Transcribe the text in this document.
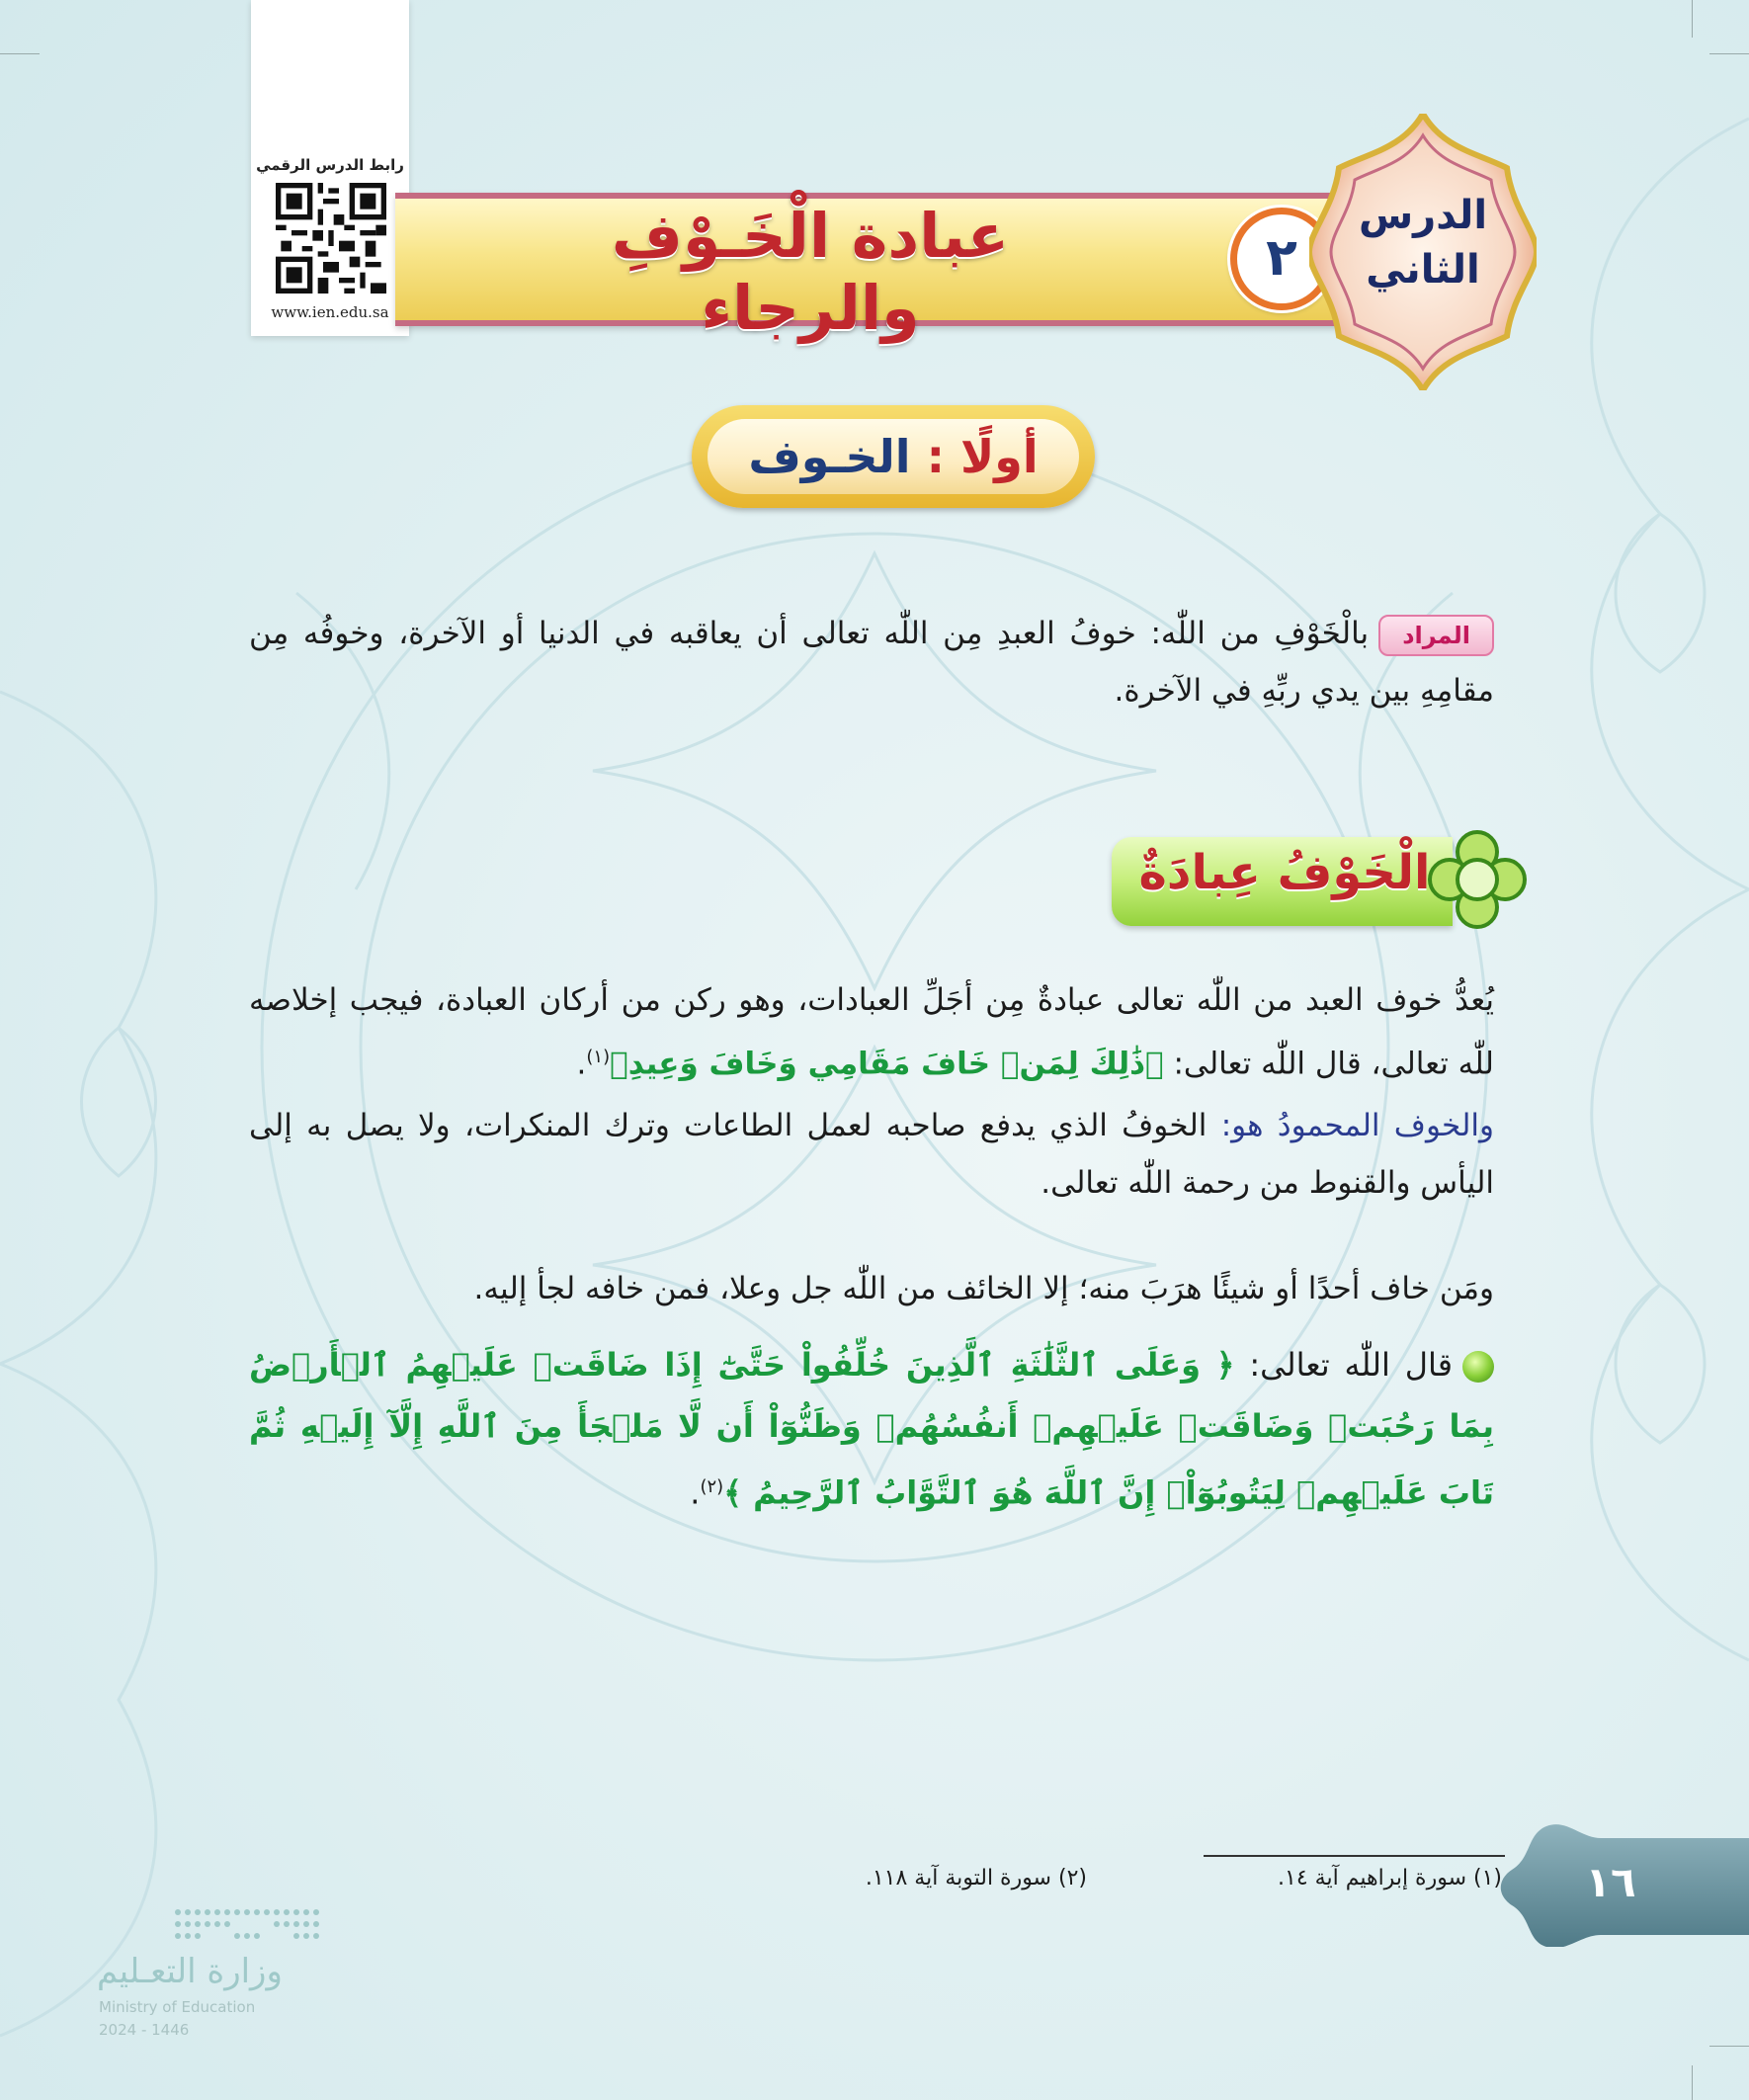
رابط الدرس الرقمي
www.ien.edu.sa
عبادة الْخَـوْفِ والرجاء
٢
الدرس
الثاني
أولًا : الخـوف
المرادبالْخَوْفِ من اللّٰه: خوفُ العبدِ مِن اللّٰه تعالى أن يعاقبه في الدنيا أو الآخرة، وخوفُه مِن مقامِهِ بين يدي ربِّهِ في الآخرة.
الْخَوْفُ عِبادَةٌ
يُعدُّ خوف العبد من اللّٰه تعالى عبادةٌ مِن أجَلِّ العبادات، وهو ركن من أركان العبادة، فيجب إخلاصه للّٰه تعالى، قال اللّٰه تعالى: ﴿ذَٰلِكَ لِمَنۡ خَافَ مَقَامِي وَخَافَ وَعِيدِ﴾$^{(١)}$.
والخوف المحمودُ هو: الخوفُ الذي يدفع صاحبه لعمل الطاعات وترك المنكرات، ولا يصل به إلى اليأس والقنوط من رحمة اللّٰه تعالى.
ومَن خاف أحدًا أو شيئًا هرَبَ منه؛ إلا الخائف من اللّٰه جل وعلا، فمن خافه لجأ إليه.
قال اللّٰه تعالى: ﴿ وَعَلَى ٱلثَّلَٰثَةِ ٱلَّذِينَ خُلِّفُواْ حَتَّىٰٓ إِذَا ضَاقَتۡ عَلَيۡهِمُ ٱلۡأَرۡضُ بِمَا رَحُبَتۡ وَضَاقَتۡ عَلَيۡهِمۡ أَنفُسُهُمۡ وَظَنُّوٓاْ أَن لَّا مَلۡجَأَ مِنَ ٱللَّهِ إِلَّآ إِلَيۡهِ ثُمَّ تَابَ عَلَيۡهِمۡ لِيَتُوبُوٓاْۚ إِنَّ ٱللَّهَ هُوَ ٱلتَّوَّابُ ٱلرَّحِيمُ ﴾$^{(٢)}$.
(١) سورة إبراهيم آية ١٤.
(٢) سورة التوبة آية ١١٨.	١٦
وزارة التعـليم
Ministry of Education
2024 - 1446
